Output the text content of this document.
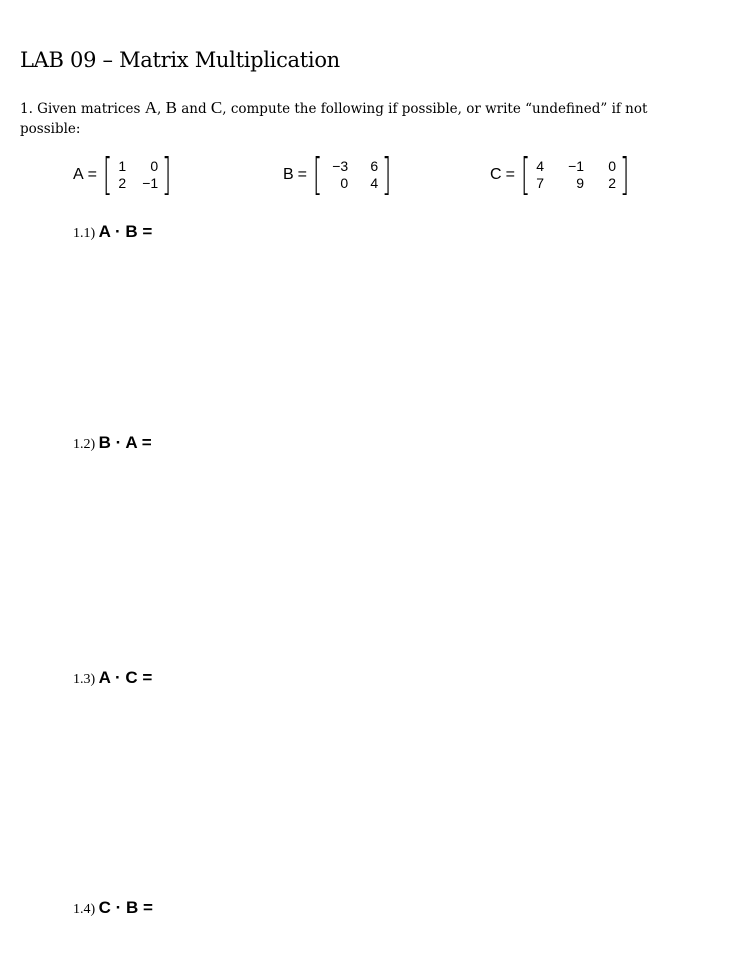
LAB 09 – Matrix Multiplication
1. Given matrices A, B and C, compute the following if possible, or write “undefined” if not possible:
A = [ 1	0
2	−1 ]	B = [ −3	6
0	4 ]	C = [ 4	−1	0
7	9	2 ]
1.1) A · B =
1.2) B · A =
1.3) A · C =
1.4) C · B =
